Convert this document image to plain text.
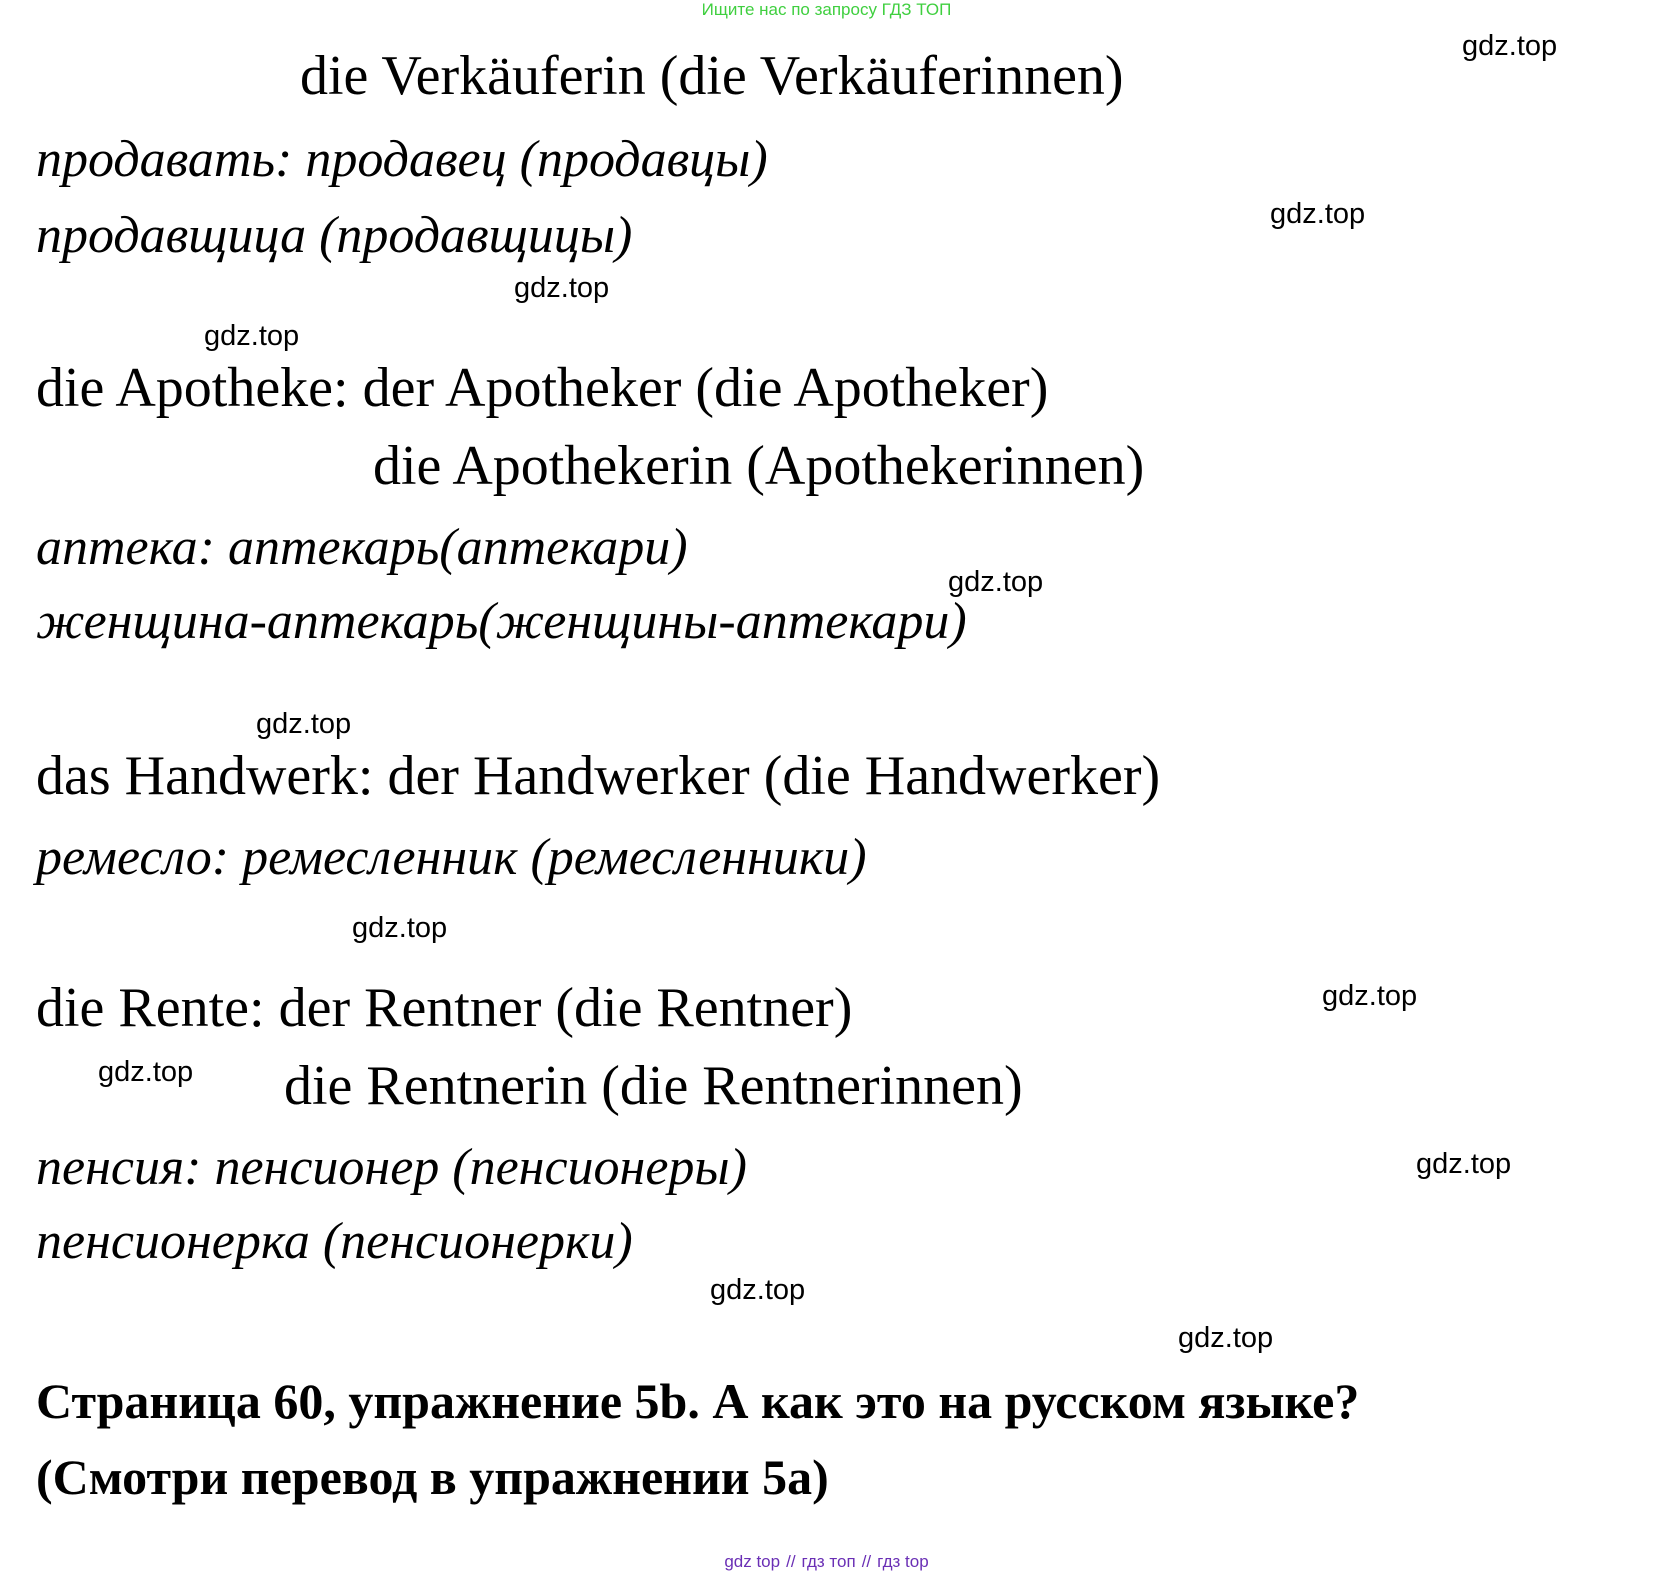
Ищите нас по запросу ГДЗ ТОП
gdz.top
gdz.top
gdz.top
gdz.top
gdz.top
gdz.top
gdz.top
gdz.top
gdz.top
gdz.top
gdz.top
gdz.top
die Verkäuferin (die Verkäuferinnen)
продавать: продавец (продавцы)
продавщица (продавщицы)
die Apotheke: der Apotheker (die Apotheker)
die Apothekerin (Apothekerinnen)
аптека: аптекарь(аптекари)
женщина-аптекарь(женщины-аптекари)
das Handwerk: der Handwerker (die Handwerker)
ремесло: ремесленник (ремесленники)
die Rente: der Rentner (die Rentner)
die Rentnerin (die Rentnerinnen)
пенсия: пенсионер (пенсионеры)
пенсионерка (пенсионерки)
Страница 60, упражнение 5b. А как это на русском языке?
(Смотри перевод в упражнении 5а)
gdz top // гдз топ // гдз top
